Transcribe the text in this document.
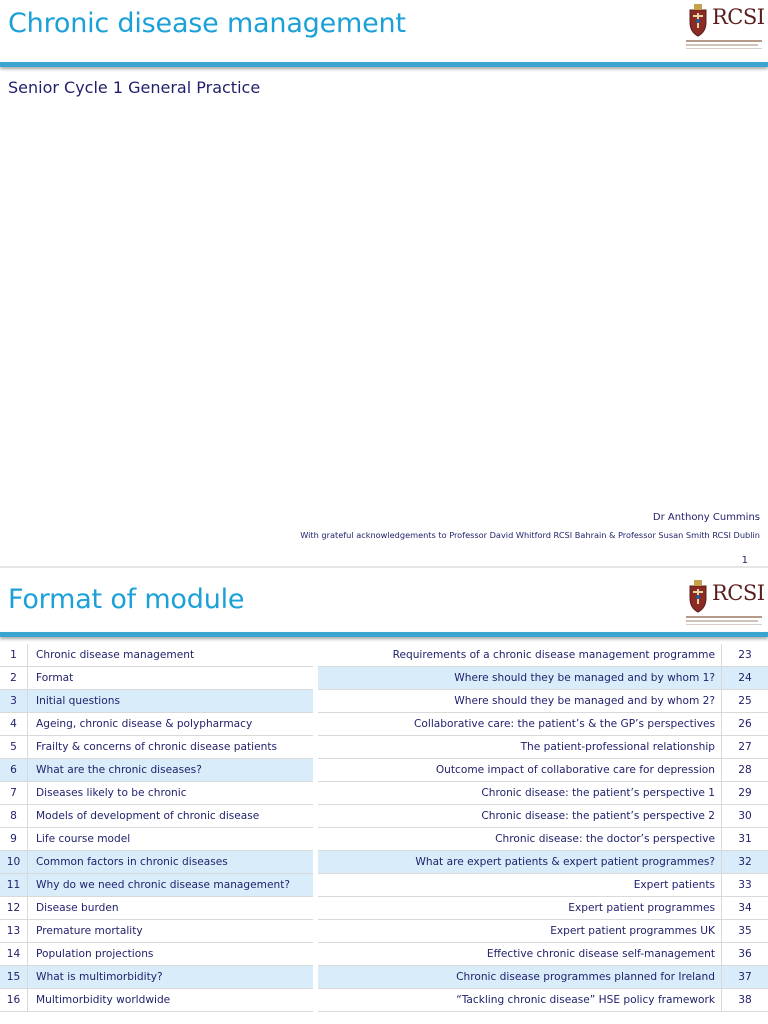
Chronic disease management	RCSI
Senior Cycle 1 General Practice
Dr Anthony Cummins
With grateful acknowledgements to Professor David Whitford RCSI Bahrain & Professor Susan Smith RCSI Dublin
1
Format of module	RCSI
1	Chronic disease management
2	Format
3	Initial questions
4	Ageing, chronic disease & polypharmacy
5	Frailty & concerns of chronic disease patients
6	What are the chronic diseases?
7	Diseases likely to be chronic
8	Models of development of chronic disease
9	Life course model
10	Common factors in chronic diseases
11	Why do we need chronic disease management?
12	Disease burden
13	Premature mortality
14	Population projections
15	What is multimorbidity?
16	Multimorbidity worldwide
Requirements of a chronic disease management programme	23
Where should they be managed and by whom 1?	24
Where should they be managed and by whom 2?	25
Collaborative care: the patient’s & the GP’s perspectives	26
The patient-professional relationship	27
Outcome impact of collaborative care for depression	28
Chronic disease: the patient’s perspective 1	29
Chronic disease: the patient’s perspective 2	30
Chronic disease: the doctor’s perspective	31
What are expert patients & expert patient programmes?	32
Expert patients	33
Expert patient programmes	34
Expert patient programmes UK	35
Effective chronic disease self-management	36
Chronic disease programmes planned for Ireland	37
“Tackling chronic disease” HSE policy framework	38
